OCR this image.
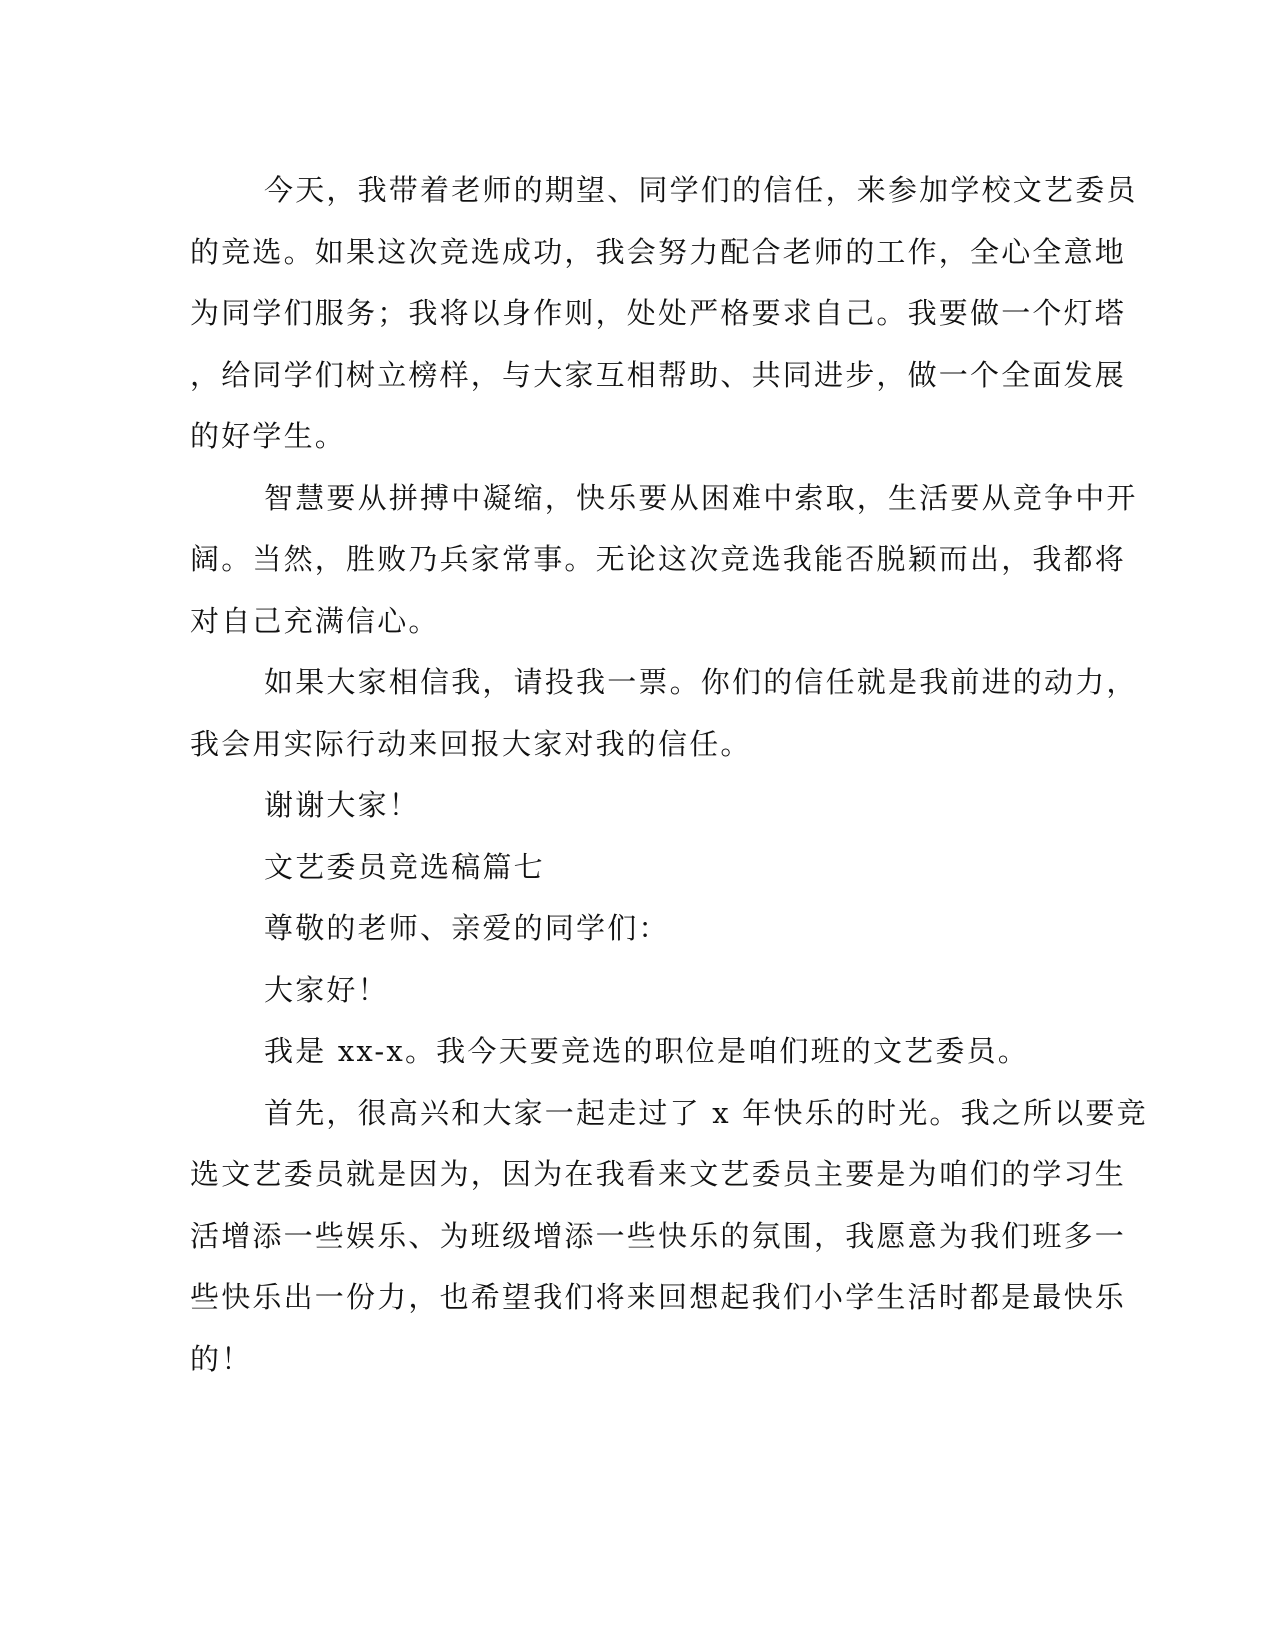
今天，我带着老师的期望、同学们的信任，来参加学校文艺委员
的竞选。如果这次竞选成功，我会努力配合老师的工作，全心全意地
为同学们服务；我将以身作则，处处严格要求自己。我要做一个灯塔
，给同学们树立榜样，与大家互相帮助、共同进步，做一个全面发展
的好学生。
智慧要从拼搏中凝缩，快乐要从困难中索取，生活要从竞争中开
阔。当然，胜败乃兵家常事。无论这次竞选我能否脱颖而出，我都将
对自己充满信心。
如果大家相信我，请投我一票。你们的信任就是我前进的动力，
我会用实际行动来回报大家对我的信任。
谢谢大家！
文艺委员竞选稿篇七
尊敬的老师、亲爱的同学们：
大家好！
我是 xx-x。我今天要竞选的职位是咱们班的文艺委员。
首先，很高兴和大家一起走过了 x 年快乐的时光。我之所以要竞
选文艺委员就是因为，因为在我看来文艺委员主要是为咱们的学习生
活增添一些娱乐、为班级增添一些快乐的氛围，我愿意为我们班多一
些快乐出一份力，也希望我们将来回想起我们小学生活时都是最快乐
的！
